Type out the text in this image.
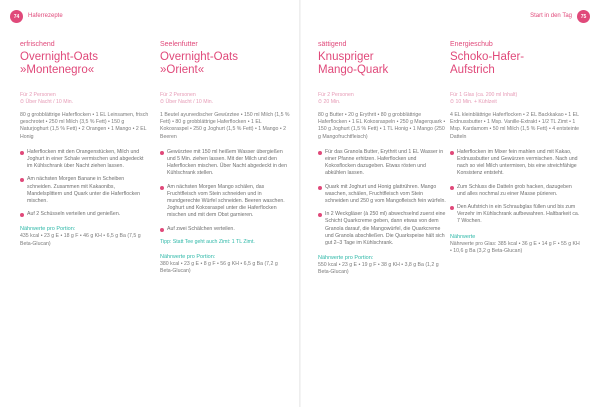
74	Haferrezepte	Start in den Tag	75
erfrischend
Overnight-Oats
»Montenegro«
Für 2 Personen
⏱ Über Nacht / 10 Min.
80 g grobblättrige Haferflocken • 1 EL Leinsamen, frisch geschrotet • 250 ml Milch (3,5 % Fett) • 150 g Naturjoghurt (1,5 % Fett) • 2 Orangen • 1 Mango • 2 EL Honig
Haferflocken mit den Orangenstücken, Milch und Joghurt in einer Schale vermischen und abgedeckt im Kühlschrank über Nacht ziehen lassen.
Am nächsten Morgen Banane in Scheiben schneiden. Zusammen mit Kakaonibs, Mandelsplittern und Quark unter die Haferflocken mischen.
Auf 2 Schüsseln verteilen und genießen.
Nährwerte pro Portion:
435 kcal • 23 g E • 18 g F • 46 g KH • 6,5 g Ba (7,5 g Beta-Glucan)
Seelenfutter
Overnight-Oats
»Orient«
Für 2 Personen
⏱ Über Nacht / 10 Min.
1 Beutel ayurvedischer Gewürztee • 150 ml Milch (1,5 % Fett) • 80 g grobblättrige Haferflocken • 1 EL Kokosraspel • 250 g Joghurt (1,5 % Fett) • 1 Mango • 2 Beeren
Gewürztee mit 150 ml heißem Wasser übergießen und 5 Min. ziehen lassen. Mit der Milch und den Haferflocken mischen. Über Nacht abgedeckt in den Kühlschrank stellen.
Am nächsten Morgen Mango schälen, das Fruchtfleisch vom Stein schneiden und in mundgerechte Würfel schneiden. Beeren waschen. Joghurt und Kokosraspel unter die Haferflocken mischen und mit dem Obst garnieren.
Auf zwei Schälchen verteilen.
Tipp: Statt Tee geht auch Zimt: 1 TL Zimt.
Nährwerte pro Portion:
380 kcal • 23 g E • 8 g F • 56 g KH • 6,5 g Ba (7,2 g Beta-Glucan)
sättigend
Knuspriger
Mango-Quark
Für 2 Personen
⏱ 20 Min.
80 g Butter • 20 g Erythrit • 80 g grobblättrige Haferflocken • 1 EL Kokosraspeln • 250 g Magerquark • 150 g Joghurt (1,5 % Fett) • 1 TL Honig • 1 Mango (250 g Mangofruchtfleisch)
Für das Granola Butter, Erythrit und 1 EL Wasser in einer Pfanne erhitzen. Haferflocken und Kokosflocken dazugeben. Etwas rösten und abkühlen lassen.
Quark mit Joghurt und Honig glattrühren. Mango waschen, schälen, Fruchtfleisch vom Stein schneiden und 250 g vom Mangofleisch fein würfeln.
In 2 Weckgläser (à 250 ml) abwechselnd zuerst eine Schicht Quarkcreme geben, dann etwas von dem Granola darauf, die Mangowürfel, die Quarkcreme und Granola abschließen. Die Quarkspeise hält sich gut 2–3 Tage im Kühlschrank.
Nährwerte pro Portion:
550 kcal • 23 g E • 19 g F • 38 g KH • 3,8 g Ba (1,2 g Beta-Glucan)
Energieschub
Schoko-Hafer-
Aufstrich
Für 1 Glas (ca. 200 ml Inhalt)
⏱ 10 Min. + Kühlzeit
4 EL kleinblättrige Haferflocken • 2 EL Backkakao • 1 EL Erdnussbutter • 1 Msp. Vanille-Extrakt • 1/2 TL Zimt • 1 Msp. Kardamom • 50 ml Milch (1,5 % Fett) • 4 entsteinte Datteln
Haferflocken im Mixer fein mahlen und mit Kakao, Erdnussbutter und Gewürzen vermischen. Nach und nach so viel Milch untermixen, bis eine streichfähige Konsistenz entsteht.
Zum Schluss die Datteln grob hacken, dazugeben und alles nochmal zu einer Masse pürieren.
Den Aufstrich in ein Schraubglas füllen und bis zum Verzehr im Kühlschrank aufbewahren. Haltbarkeit ca. 7 Wochen.
Nährwerte
Nährwerte pro Glas: 385 kcal • 36 g E • 14 g F • 55 g KH • 10,6 g Ba (3,2 g Beta-Glucan)
